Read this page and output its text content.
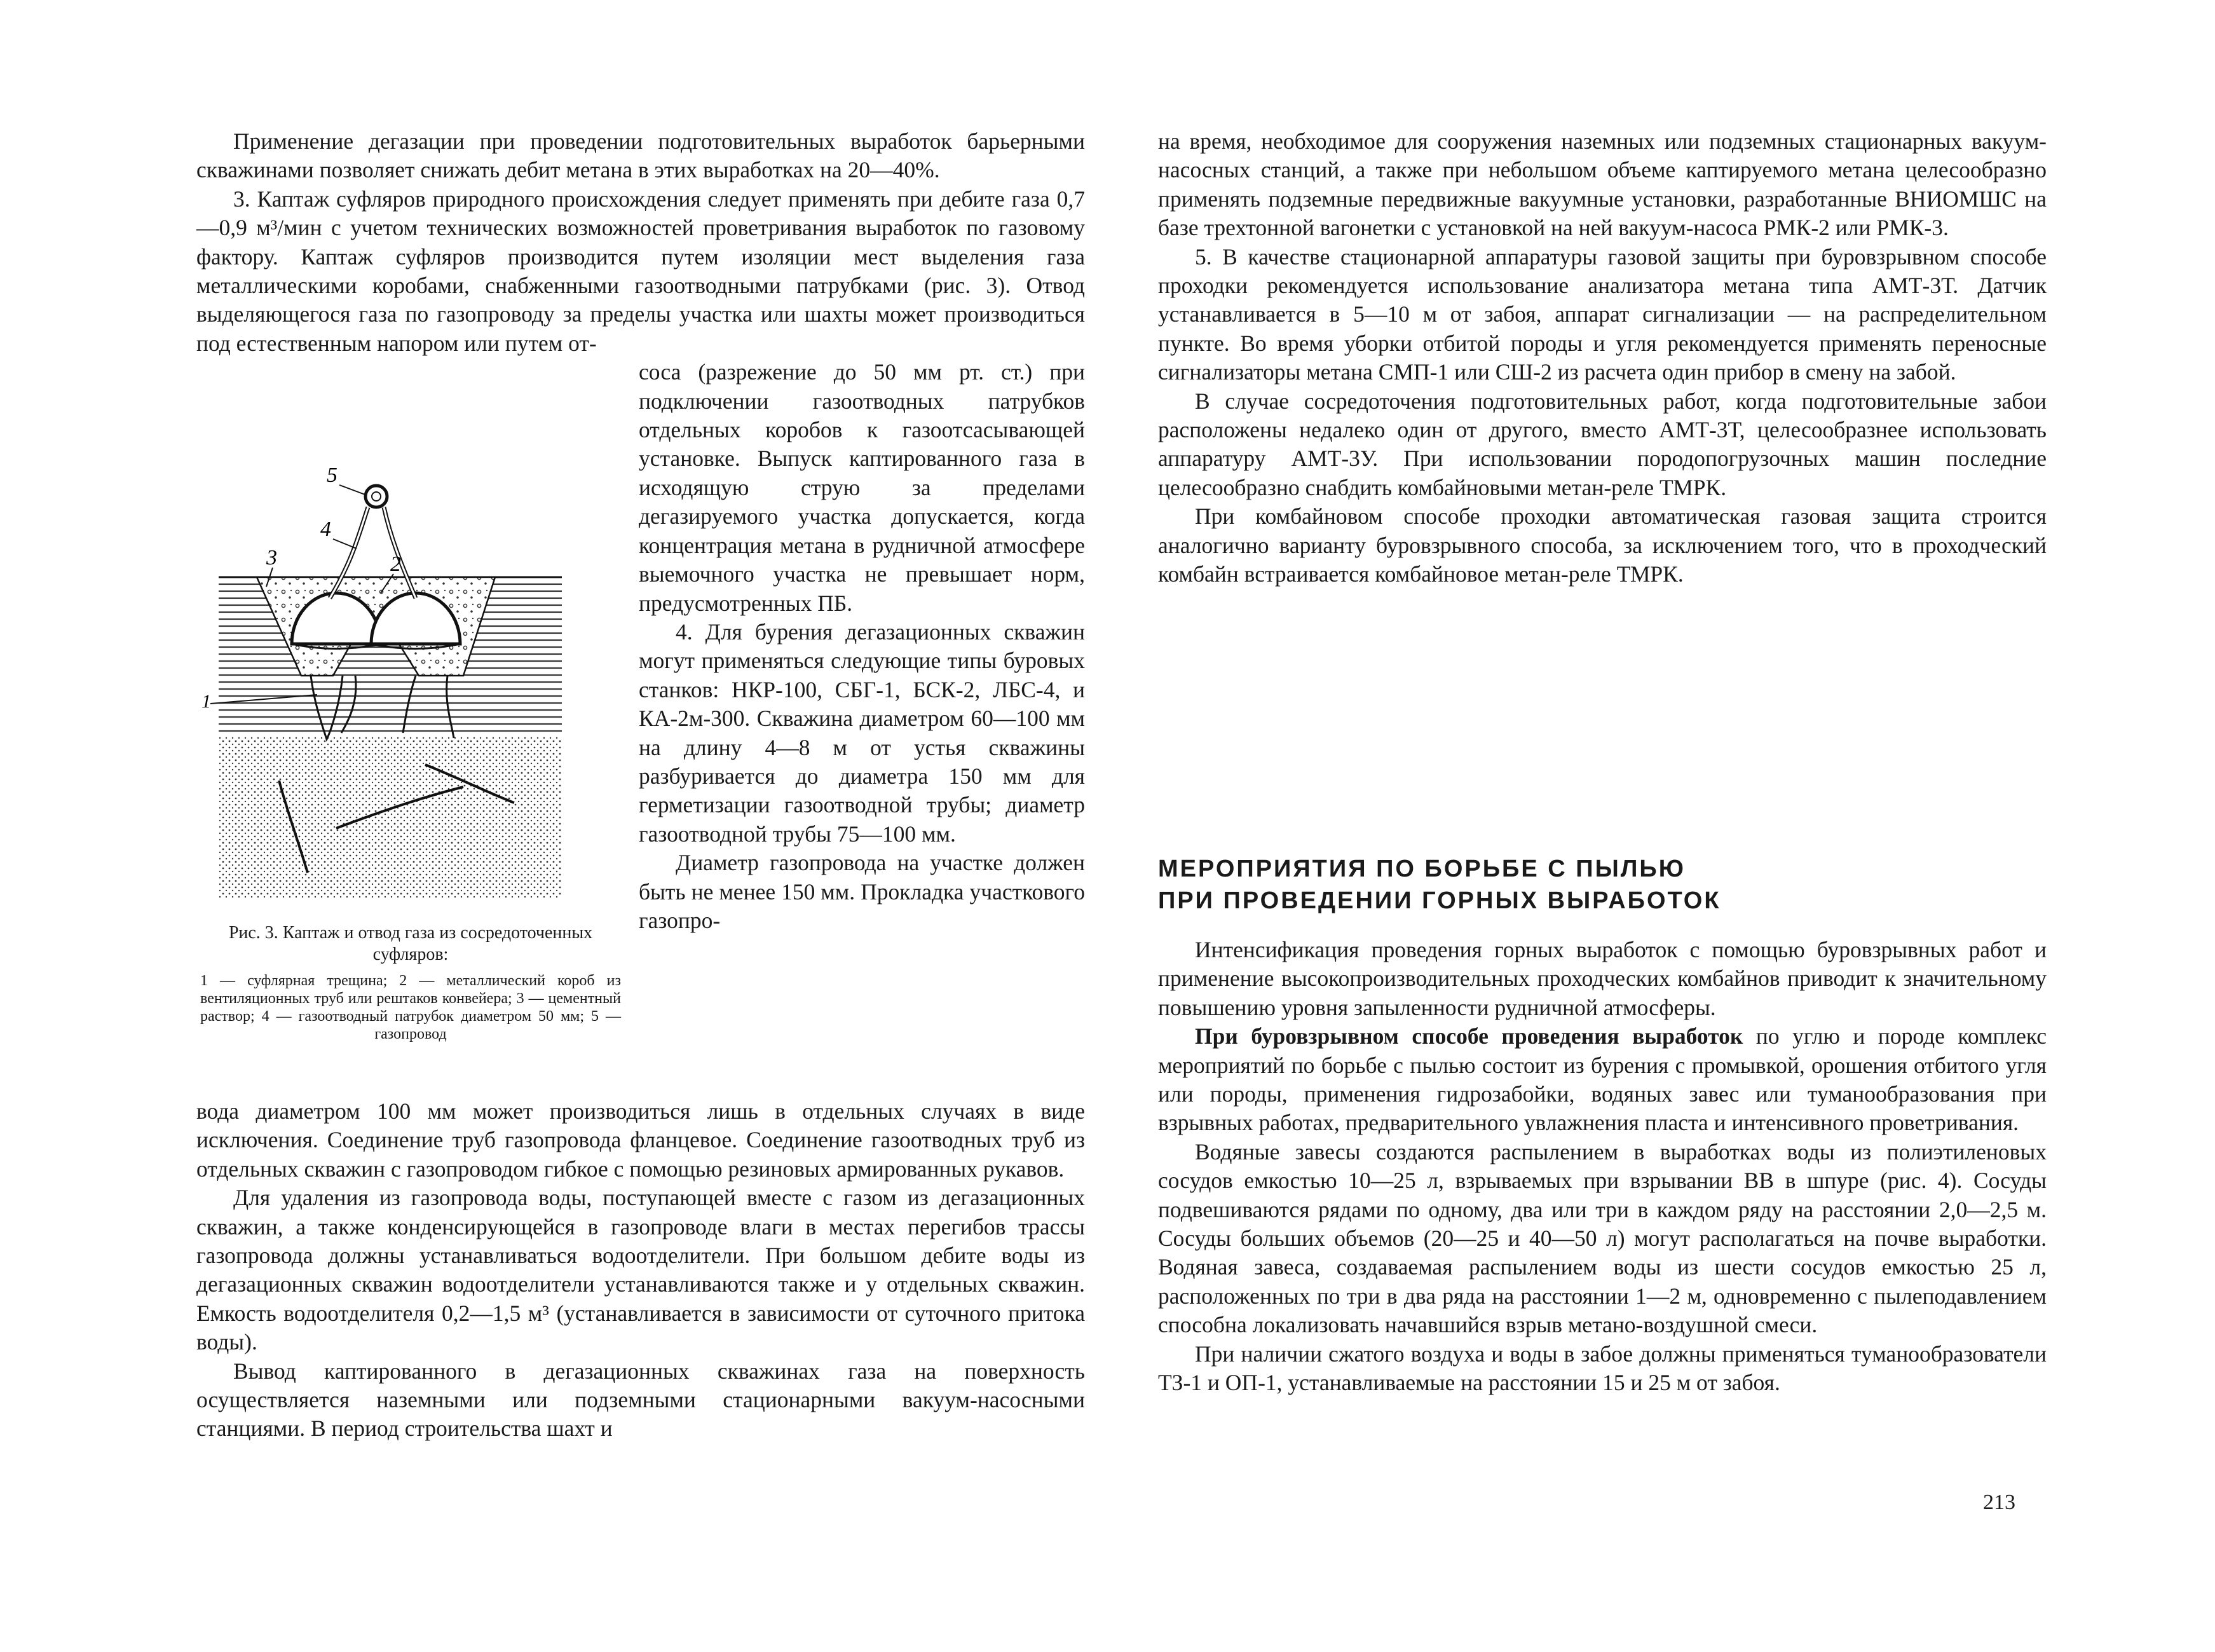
Применение дегазации при проведении подготовительных выработок барьерными скважинами позволяет снижать дебит метана в этих выработках на 20—40%.

3. Каптаж суфляров природного происхождения следует применять при дебите газа 0,7—0,9 м³/мин с учетом технических возможностей проветривания выработок по газовому фактору. Каптаж суфляров производится путем изоляции мест выделения газа металлическими коробами, снабженными газоотводными патрубками (рис. 3). Отвод выделяющегося газа по газопроводу за пределы участка или шахты может производиться под естественным напором или путем от-

соса (разрежение до 50 мм рт. ст.) при подключении газоотводных патрубков отдельных коробов к газоотсасывающей установке. Выпуск каптированного газа в исходящую струю за пределами дегазируемого участка допускается, когда концентрация метана в рудничной атмосфере выемочного участка не превышает норм, предусмотренных ПБ.

4. Для бурения дегазационных скважин могут применяться следующие типы буровых станков: НКР-100, СБГ-1, БСК-2, ЛБС-4, и КА-2м-300. Скважина диаметром 60—100 мм на длину 4—8 м от устья скважины разбуривается до диаметра 150 мм для герметизации газоотводной трубы; диаметр газоотводной трубы 75—100 мм.

Диаметр газопровода на участке должен быть не менее 150 мм. Прокладка участкового газопро-

5
4
3	2
1
Рис. 3. Каптаж и отвод газа из сосредоточенных суфляров:
1 — суфлярная трещина; 2 — металлический короб из вентиляционных труб или рештаков конвейера; 3 — цементный раствор; 4 — газоотводный патрубок диаметром 50 мм; 5 — газопровод

вода диаметром 100 мм может производиться лишь в отдельных случаях в виде исключения. Соединение труб газопровода фланцевое. Соединение газоотводных труб из отдельных скважин с газопроводом гибкое с помощью резиновых армированных рукавов.

Для удаления из газопровода воды, поступающей вместе с газом из дегазационных скважин, а также конденсирующейся в газопроводе влаги в местах перегибов трассы газопровода должны устанавливаться водоотделители. При большом дебите воды из дегазационных скважин водоотделители устанавливаются также и у отдельных скважин. Емкость водоотделителя 0,2—1,5 м³ (устанавливается в зависимости от суточного притока воды).

Вывод каптированного в дегазационных скважинах газа на поверхность осуществляется наземными или подземными стационарными вакуум-насосными станциями. В период строительства шахт и

на время, необходимое для сооружения наземных или подземных стационарных вакуум-насосных станций, а также при небольшом объеме каптируемого метана целесообразно применять подземные передвижные вакуумные установки, разработанные ВНИОМШС на базе трехтонной вагонетки с установкой на ней вакуум-насоса РМК-2 или РМК-3.

5. В качестве стационарной аппаратуры газовой защиты при буровзрывном способе проходки рекомендуется использование анализатора метана типа АМТ-3Т. Датчик устанавливается в 5—10 м от забоя, аппарат сигнализации — на распределительном пункте. Во время уборки отбитой породы и угля рекомендуется применять переносные сигнализаторы метана СМП-1 или СШ-2 из расчета один прибор в смену на забой.

В случае сосредоточения подготовительных работ, когда подготовительные забои расположены недалеко один от другого, вместо АМТ-3Т, целесообразнее использовать аппаратуру АМТ-3У. При использовании породопогрузочных машин последние целесообразно снабдить комбайновыми метан-реле ТМРК.

При комбайновом способе проходки автоматическая газовая защита строится аналогично варианту буровзрывного способа, за исключением того, что в проходческий комбайн встраивается комбайновое метан-реле ТМРК.

МЕРОПРИЯТИЯ ПО БОРЬБЕ С ПЫЛЬЮ

ПРИ ПРОВЕДЕНИИ ГОРНЫХ ВЫРАБОТОК

Интенсификация проведения горных выработок с помощью буровзрывных работ и применение высокопроизводительных проходческих комбайнов приводит к значительному повышению уровня запыленности рудничной атмосферы.

При буровзрывном способе проведения выработок по углю и породе комплекс мероприятий по борьбе с пылью состоит из бурения с промывкой, орошения отбитого угля или породы, применения гидрозабойки, водяных завес или туманообразования при взрывных работах, предварительного увлажнения пласта и интенсивного проветривания.

Водяные завесы создаются распылением в выработках воды из полиэтиленовых сосудов емкостью 10—25 л, взрываемых при взрывании ВВ в шпуре (рис. 4). Сосуды подвешиваются рядами по одному, два или три в каждом ряду на расстоянии 2,0—2,5 м. Сосуды больших объемов (20—25 и 40—50 л) могут располагаться на почве выработки. Водяная завеса, создаваемая распылением воды из шести сосудов емкостью 25 л, расположенных по три в два ряда на расстоянии 1—2 м, одновременно с пылеподавлением способна локализовать начавшийся взрыв метано-воздушной смеси.

При наличии сжатого воздуха и воды в забое должны применяться туманообразователи ТЗ-1 и ОП-1, устанавливаемые на расстоянии 15 и 25 м от забоя.

213
